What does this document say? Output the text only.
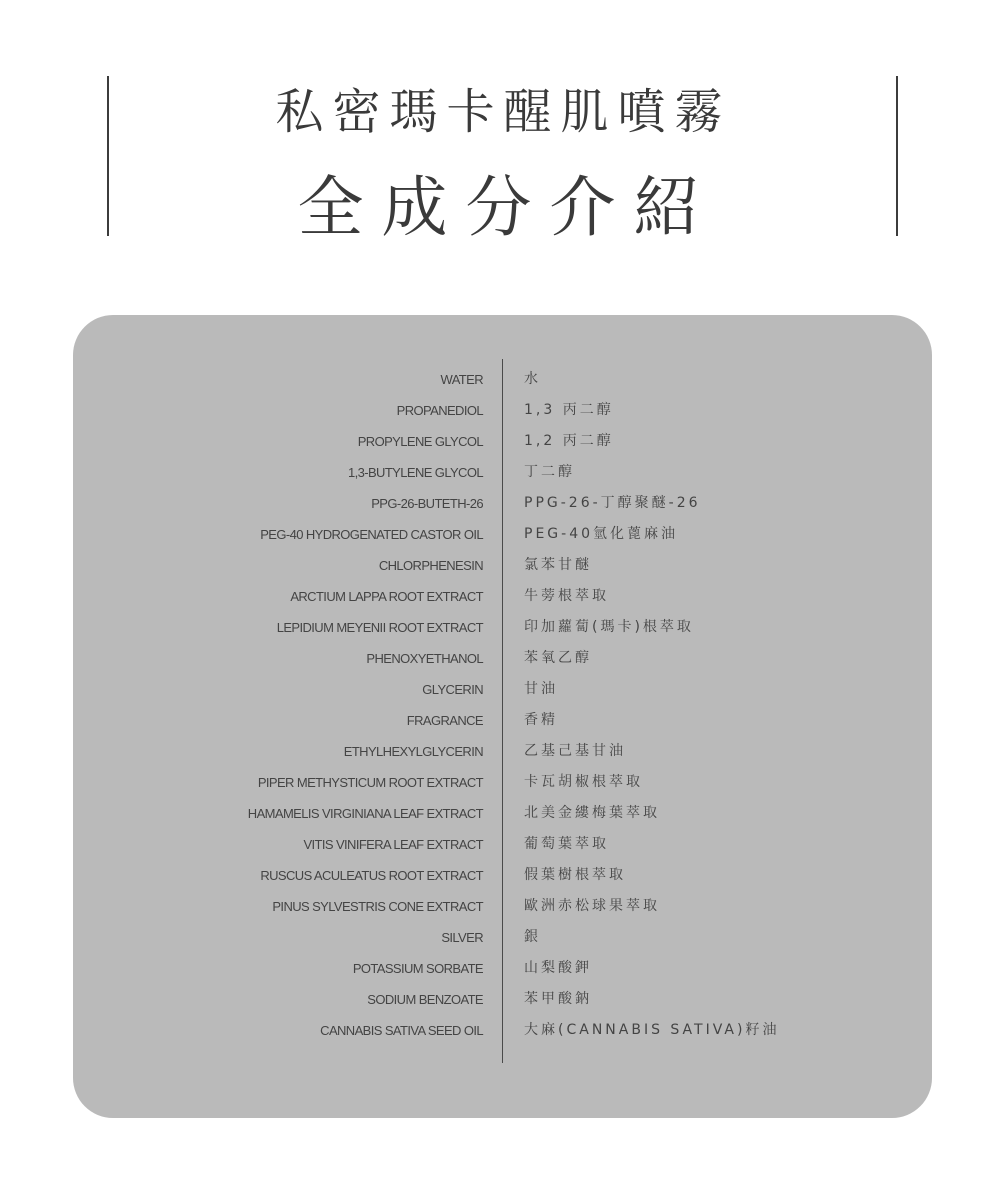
私密瑪卡醒肌噴霧
全成分介紹
WATER	水
PROPANEDIOL	1,3 丙二醇
PROPYLENE GLYCOL	1,2 丙二醇
1,3-BUTYLENE GLYCOL	丁二醇
PPG-26-BUTETH-26	PPG-26-丁醇聚醚-26
PEG-40 HYDROGENATED CASTOR OIL	PEG-40氫化蓖麻油
CHLORPHENESIN	氯苯甘醚
ARCTIUM LAPPA ROOT EXTRACT	牛蒡根萃取
LEPIDIUM MEYENII ROOT EXTRACT	印加蘿蔔(瑪卡)根萃取
PHENOXYETHANOL	苯氧乙醇
GLYCERIN	甘油
FRAGRANCE	香精
ETHYLHEXYLGLYCERIN	乙基己基甘油
PIPER METHYSTICUM ROOT EXTRACT	卡瓦胡椒根萃取
HAMAMELIS VIRGINIANA LEAF EXTRACT	北美金縷梅葉萃取
VITIS VINIFERA LEAF EXTRACT	葡萄葉萃取
RUSCUS ACULEATUS ROOT EXTRACT	假葉樹根萃取
PINUS SYLVESTRIS CONE EXTRACT	歐洲赤松球果萃取
SILVER	銀
POTASSIUM SORBATE	山梨酸鉀
SODIUM BENZOATE	苯甲酸鈉
CANNABIS SATIVA SEED OIL	大麻(CANNABIS SATIVA)籽油
